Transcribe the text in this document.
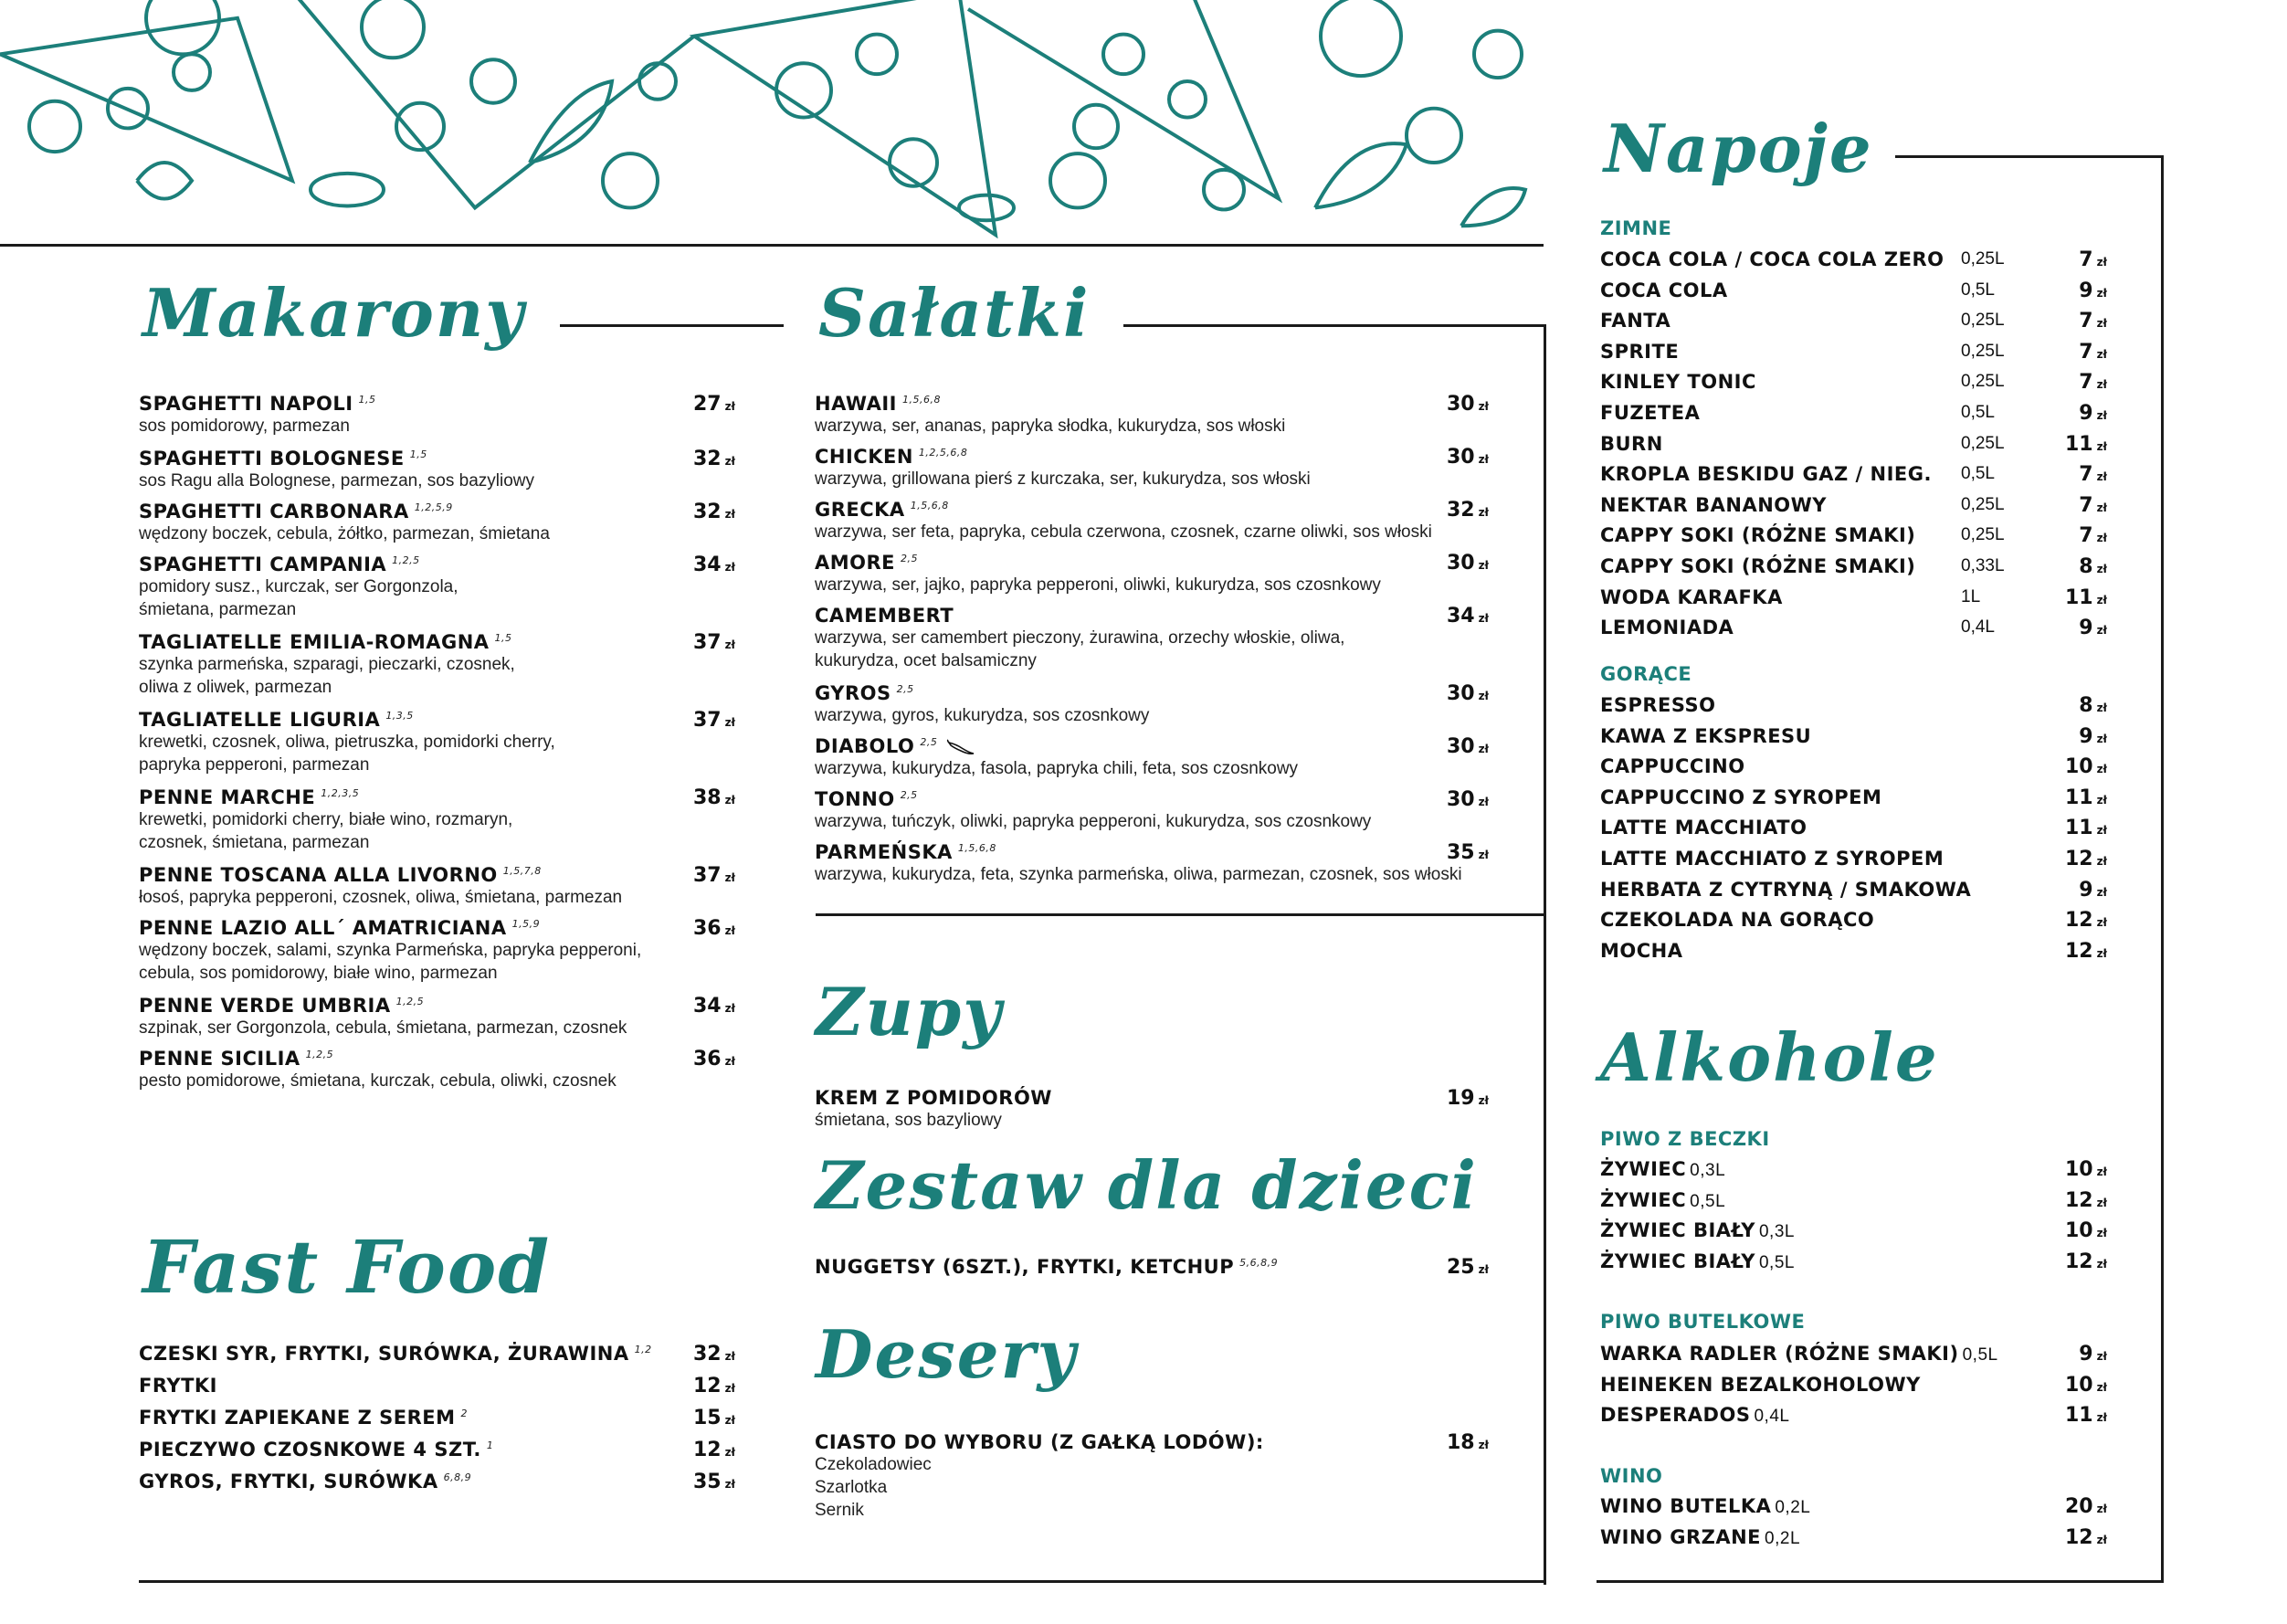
Makarony
SPAGHETTI NAPOLI $^{1,5}$
sos pomidorowy, parmezan
27 zł
SPAGHETTI BOLOGNESE $^{1,5}$
sos Ragu alla Bolognese, parmezan, sos bazyliowy
32 zł
SPAGHETTI CARBONARA $^{1,2,5,9}$
wędzony boczek, cebula, żółtko, parmezan, śmietana
32 zł
SPAGHETTI CAMPANIA $^{1,2,5}$
pomidory susz., kurczak, ser Gorgonzola,
śmietana, parmezan
34 zł
TAGLIATELLE EMILIA-ROMAGNA $^{1,5}$
szynka parmeńska, szparagi, pieczarki, czosnek,
oliwa z oliwek, parmezan
37 zł
TAGLIATELLE LIGURIA $^{1,3,5}$
krewetki, czosnek, oliwa, pietruszka, pomidorki cherry,
papryka pepperoni, parmezan
37 zł
PENNE MARCHE $^{1,2,3,5}$
krewetki, pomidorki cherry, białe wino, rozmaryn,
czosnek, śmietana, parmezan
38 zł
PENNE TOSCANA ALLA LIVORNO $^{1,5,7,8}$
łosoś, papryka pepperoni, czosnek, oliwa, śmietana, parmezan
37 zł
PENNE LAZIO ALL´ AMATRICIANA $^{1,5,9}$
wędzony boczek, salami, szynka Parmeńska, papryka pepperoni,
cebula, sos pomidorowy, białe wino, parmezan
36 zł
PENNE VERDE UMBRIA $^{1,2,5}$
szpinak, ser Gorgonzola, cebula, śmietana, parmezan, czosnek
34 zł
PENNE SICILIA $^{1,2,5}$
pesto pomidorowe, śmietana, kurczak, cebula, oliwki, czosnek
36 zł
Fast Food
CZESKI SYR, FRYTKI, SURÓWKA, ŻURAWINA $^{1,2}$	32 zł
FRYTKI	12 zł
FRYTKI ZAPIEKANE Z SEREM $^2$	15 zł
PIECZYWO CZOSNKOWE 4 SZT. $^1$	12 zł
GYROS, FRYTKI, SURÓWKA $^{6,8,9}$	35 zł
Sałatki
HAWAII $^{1,5,6,8}$
warzywa, ser, ananas, papryka słodka, kukurydza, sos włoski
30 zł
CHICKEN $^{1,2,5,6,8}$
warzywa, grillowana pierś z kurczaka, ser, kukurydza, sos włoski
30 zł
GRECKA $^{1,5,6,8}$
warzywa, ser feta, papryka, cebula czerwona, czosnek, czarne oliwki, sos włoski
32 zł
AMORE $^{2,5}$
warzywa, ser, jajko, papryka pepperoni, oliwki, kukurydza, sos czosnkowy
30 zł
CAMEMBERT
warzywa, ser camembert pieczony, żurawina, orzechy włoskie, oliwa,
kukurydza, ocet balsamiczny
34 zł
GYROS $^{2,5}$
warzywa, gyros, kukurydza, sos czosnkowy
30 zł
DIABOLO $^{2,5}$
warzywa, kukurydza, fasola, papryka chili, feta, sos czosnkowy
30 zł
TONNO $^{2,5}$
warzywa, tuńczyk, oliwki, papryka pepperoni, kukurydza, sos czosnkowy
30 zł
PARMEŃSKA $^{1,5,6,8}$
warzywa, kukurydza, feta, szynka parmeńska, oliwa, parmezan, czosnek, sos włoski
35 zł
Zupy
KREM Z POMIDORÓW
śmietana, sos bazyliowy
19 zł
Zestaw dla dzieci
NUGGETSY (6SZT.), FRYTKI, KETCHUP $^{5,6,8,9}$	25 zł
Desery
CIASTO DO WYBORU (Z GAŁKĄ LODÓW):
Czekoladowiec
Szarlotka
Sernik
18 zł
Napoje
ZIMNE
COCA COLA / COCA COLA ZERO 0,25L	7 zł
COCA COLA	0,5L	9 zł
FANTA	0,25L	7 zł
SPRITE	0,25L	7 zł
KINLEY TONIC	0,25L	7 zł
FUZETEA	0,5L	9 zł
BURN	0,25L	11 zł
KROPLA BESKIDU GAZ / NIEG. 0,5L	7 zł
NEKTAR BANANOWY	0,25L	7 zł
CAPPY SOKI (RÓŻNE SMAKI)	0,25L	7 zł
CAPPY SOKI (RÓŻNE SMAKI)	0,33L	8 zł
WODA KARAFKA	1L	11 zł
LEMONIADA	0,4L	9 zł
GORĄCE
ESPRESSO	8 zł
KAWA Z EKSPRESU	9 zł
CAPPUCCINO	10 zł
CAPPUCCINO Z SYROPEM	11 zł
LATTE MACCHIATO	11 zł
LATTE MACCHIATO Z SYROPEM	12 zł
HERBATA Z CYTRYNĄ / SMAKOWA	9 zł
CZEKOLADA NA GORĄCO	12 zł
MOCHA	12 zł
Alkohole
PIWO Z BECZKI
ŻYWIEC 0,3L	10 zł
ŻYWIEC 0,5L	12 zł
ŻYWIEC BIAŁY 0,3L	10 zł
ŻYWIEC BIAŁY 0,5L	12 zł
PIWO BUTELKOWE
WARKA RADLER (RÓŻNE SMAKI) 0,5L	9 zł
HEINEKEN BEZALKOHOLOWY	10 zł
DESPERADOS 0,4L	11 zł
WINO
WINO BUTELKA 0,2L	20 zł
WINO GRZANE 0,2L	12 zł
